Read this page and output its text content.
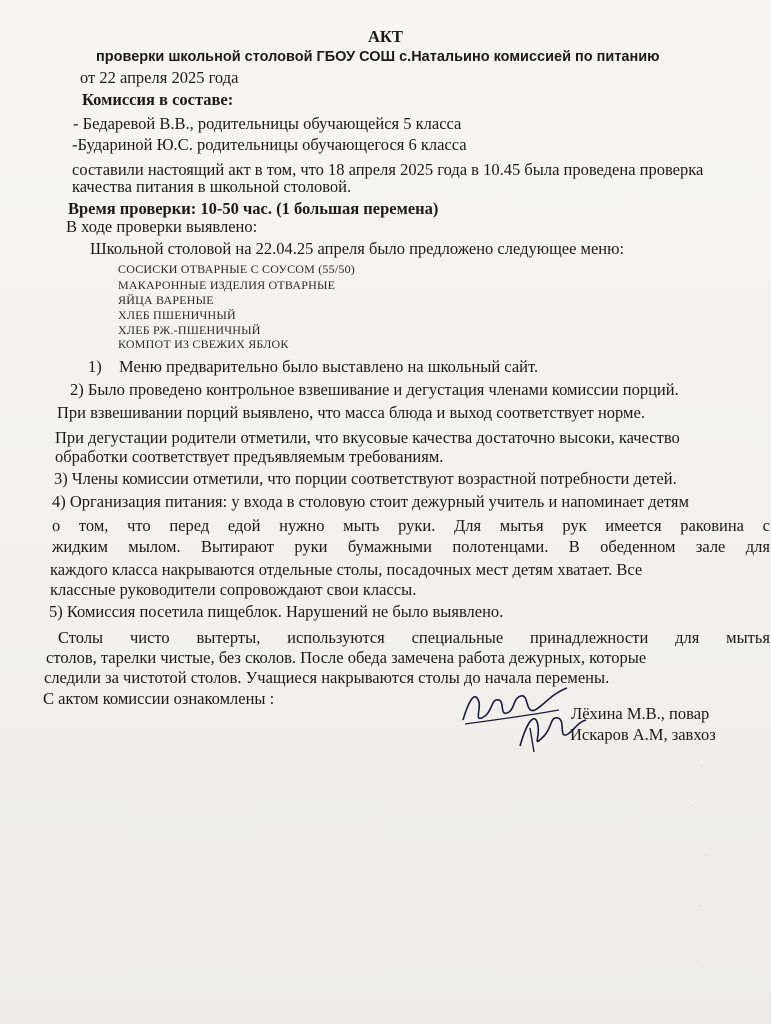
АКТ
проверки школьной столовой ГБОУ СОШ с.Натальино комиссией по питанию
от 22 апреля 2025 года
Комиссия в составе:
- Бедаревой В.В., родительницы обучающейся 5 класса
-Бударинoй Ю.С. родительницы обучающегося 6 класса
составили настоящий акт в том, что 18 апреля 2025 года в 10.45 была проведена проверка
качества питания в школьной столовой.
Время проверки: 10-50 час. (1 большая перемена)
В ходе проверки выявлено:
Школьной столовой на 22.04.25 апреля было предложено следующее меню:
СОСИСКИ ОТВАРНЫЕ С СОУСОМ (55/50)
МАКАРОННЫЕ ИЗДЕЛИЯ ОТВАРНЫЕ
ЯЙЦА ВАРЕНЫЕ
ХЛЕБ ПШЕНИЧНЫЙ
ХЛЕБ РЖ.-ПШЕНИЧНЫЙ
КОМПОТ ИЗ СВЕЖИХ ЯБЛОК
1) Меню предварительно было выставлено на школьный сайт.
2) Было проведено контрольное взвешивание и дегустация членами комиссии порций.
При взвешивании порций выявлено, что масса блюда и выход соответствует норме.
При дегустации родители отметили, что вкусовые качества достаточно высоки, качество
обработки соответствует предъявляемым требованиям.
3) Члены комиссии отметили, что порции соответствуют возрастной потребности детей.
4) Организация питания: у входа в столовую стоит дежурный учитель и напоминает детям
о том, что перед едой нужно мыть руки. Для мытья рук имеется раковина с
жидким мылом. Вытирают руки бумажными полотенцами. В обеденном зале для
каждого класса накрываются отдельные столы, посадочных мест детям хватает. Все
классные руководители сопровождают свои классы.
5) Комиссия посетила пищеблок. Нарушений не было выявлено.
Столы чисто вытерты, используются специальные принадлежности для мытья
столов, тарелки чистые, без сколов. После обеда замечена работа дежурных, которые
следили за чистотой столов. Учащиеся накрываются столы до начала перемены.
С актом комиссии ознакомлены :
Лёхина М.В., повар
Искаров А.М, завхоз
·
·
·
·
·
